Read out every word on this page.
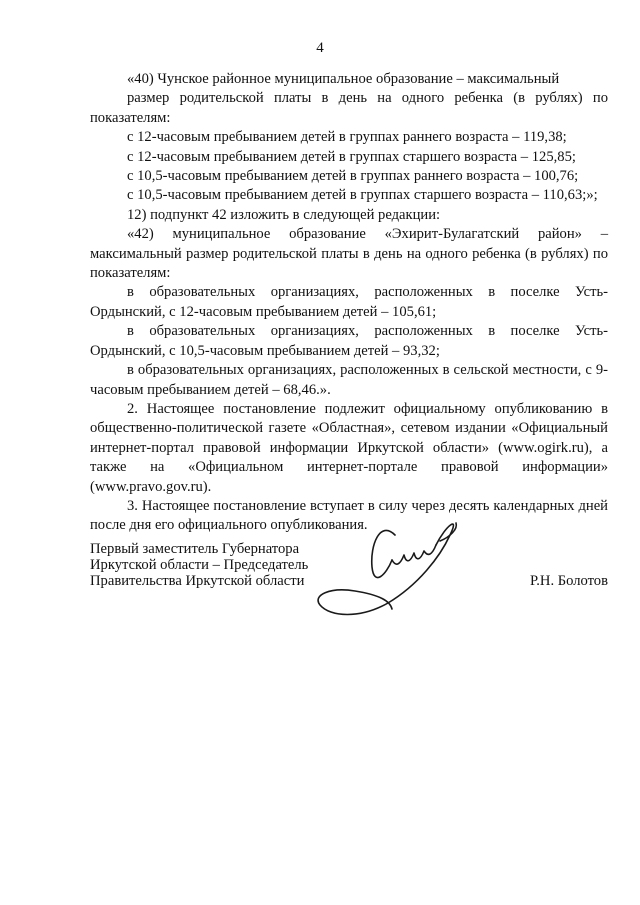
4

«40) Чунское районное муниципальное образование – максимальный

размер родительской платы в день на одного ребенка (в рублях) по показателям:

с 12-часовым пребыванием детей в группах раннего возраста – 119,38;

с 12-часовым пребыванием детей в группах старшего возраста – 125,85;

с 10,5-часовым пребыванием детей в группах раннего возраста – 100,76;

с 10,5-часовым пребыванием детей в группах старшего возраста – 110,63;»;

12) подпункт 42 изложить в следующей редакции:

«42) муниципальное образование «Эхирит-Булагатский район» – максимальный размер родительской платы в день на одного ребенка (в рублях) по показателям:

в образовательных организациях, расположенных в поселке Усть-Ордынский, с 12-часовым пребыванием детей – 105,61;

в образовательных организациях, расположенных в поселке Усть-Ордынский, с 10,5-часовым пребыванием детей – 93,32;

в образовательных организациях, расположенных в сельской местности, с 9-часовым пребыванием детей – 68,46.».

2. Настоящее постановление подлежит официальному опубликованию в общественно-политической газете «Областная», сетевом издании «Официальный интернет-портал правовой информации Иркутской области» (www.ogirk.ru), а также на «Официальном интернет-портале правовой информации» (www.pravo.gov.ru).

3. Настоящее постановление вступает в силу через десять календарных дней после дня его официального опубликования.

Первый заместитель Губернатора
Иркутской области – Председатель
Правительства Иркутской области	Р.Н. Болотов
